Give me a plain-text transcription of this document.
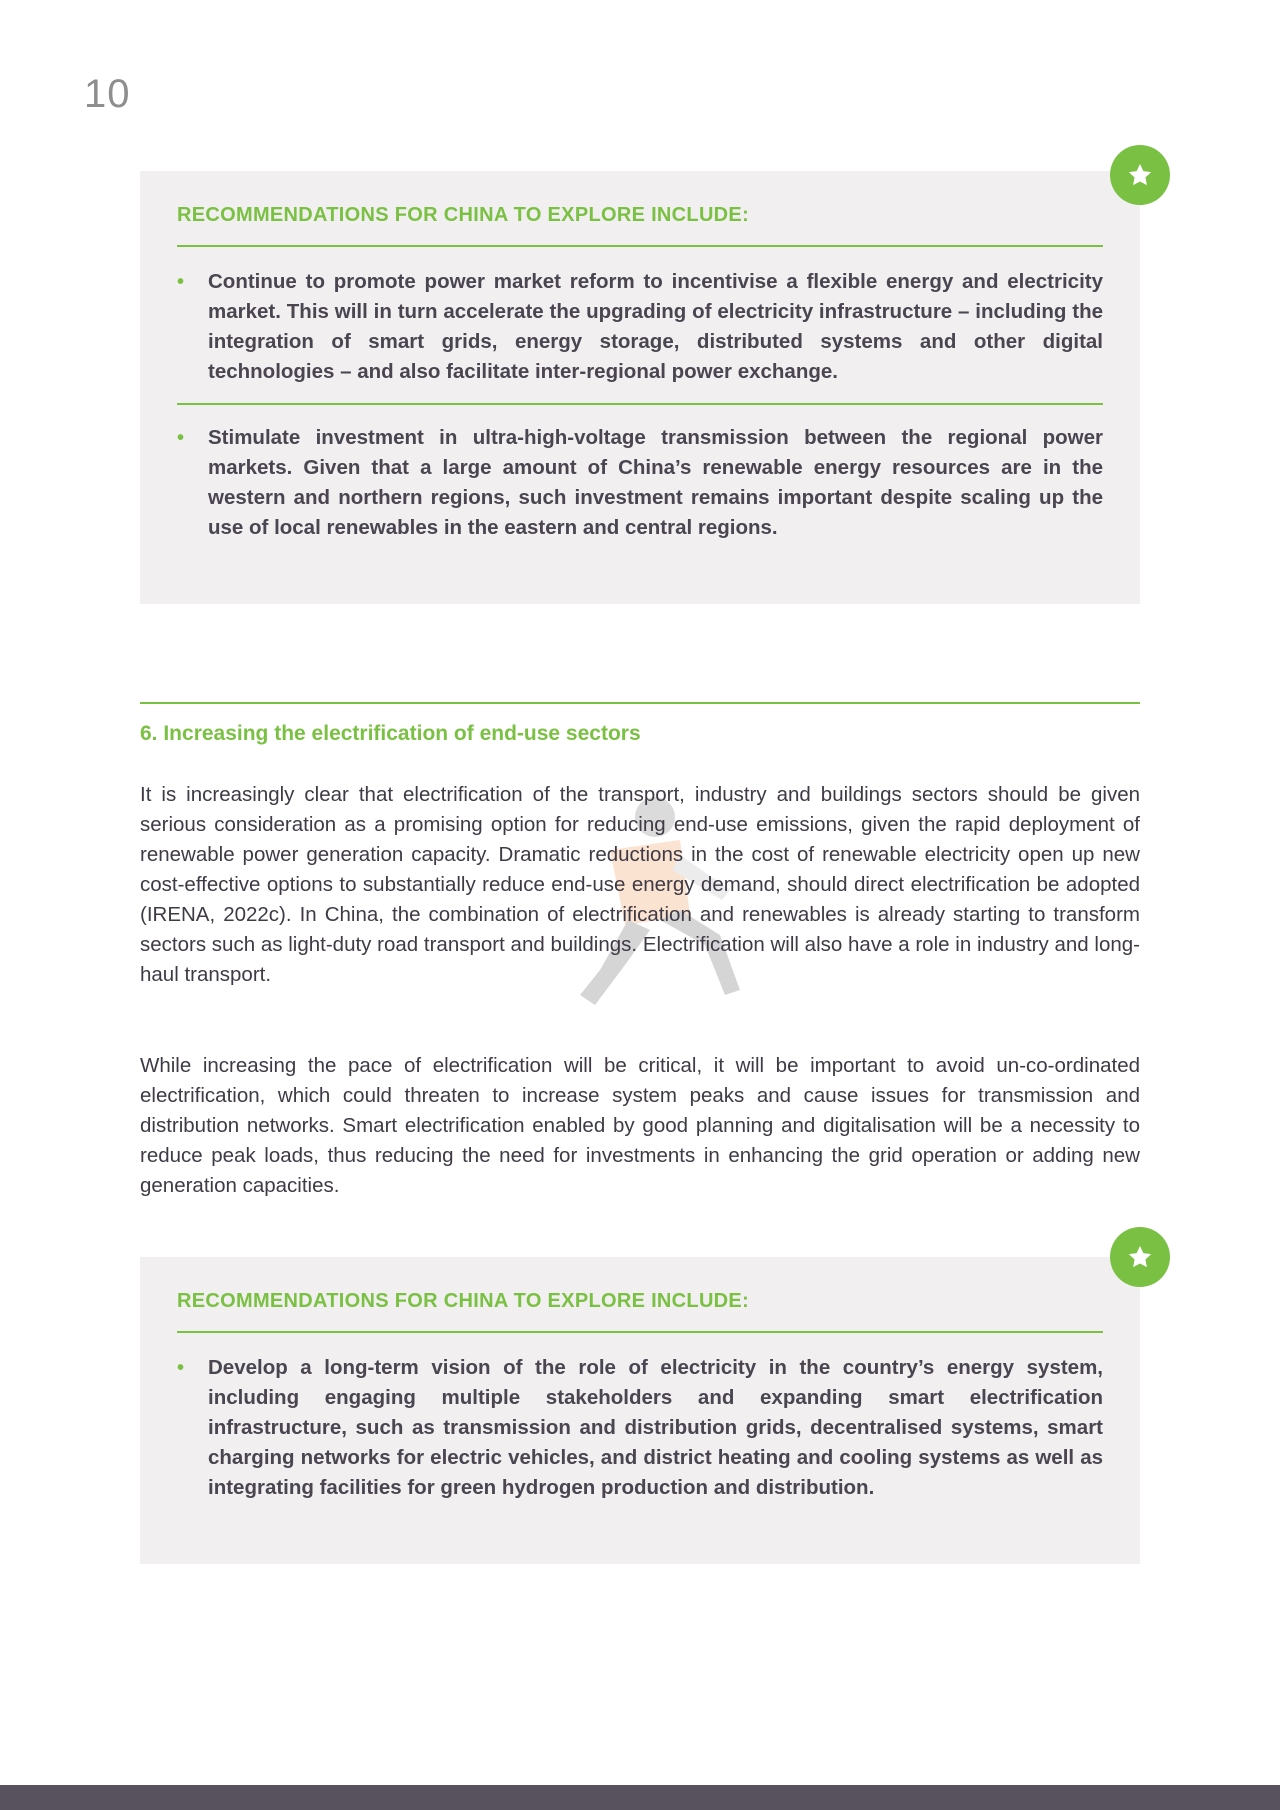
10
RECOMMENDATIONS FOR CHINA TO EXPLORE INCLUDE:
• Continue to promote power market reform to incentivise a flexible energy and electricity market. This will in turn accelerate the upgrading of electricity infrastructure – including the integration of smart grids, energy storage, distributed systems and other digital technologies – and also facilitate inter-regional power exchange.
• Stimulate investment in ultra-high-voltage transmission between the regional power markets. Given that a large amount of China’s renewable energy resources are in the western and northern regions, such investment remains important despite scaling up the use of local renewables in the eastern and central regions.
6. Increasing the electrification of end-use sectors
It is increasingly clear that electrification of the transport, industry and buildings sectors should be given serious consideration as a promising option for reducing end-use emissions, given the rapid deployment of renewable power generation capacity. Dramatic reductions in the cost of renewable electricity open up new cost-effective options to substantially reduce end-use energy demand, should direct electrification be adopted (IRENA, 2022c). In China, the combination of electrification and renewables is already starting to transform sectors such as light-duty road transport and buildings. Electrification will also have a role in industry and long-haul transport.
While increasing the pace of electrification will be critical, it will be important to avoid un-co-ordinated electrification, which could threaten to increase system peaks and cause issues for transmission and distribution networks. Smart electrification enabled by good planning and digitalisation will be a necessity to reduce peak loads, thus reducing the need for investments in enhancing the grid operation or adding new generation capacities.
RECOMMENDATIONS FOR CHINA TO EXPLORE INCLUDE:
• Develop a long-term vision of the role of electricity in the country’s energy system, including engaging multiple stakeholders and expanding smart electrification infrastructure, such as transmission and distribution grids, decentralised systems, smart charging networks for electric vehicles, and district heating and cooling systems as well as integrating facilities for green hydrogen production and distribution.
